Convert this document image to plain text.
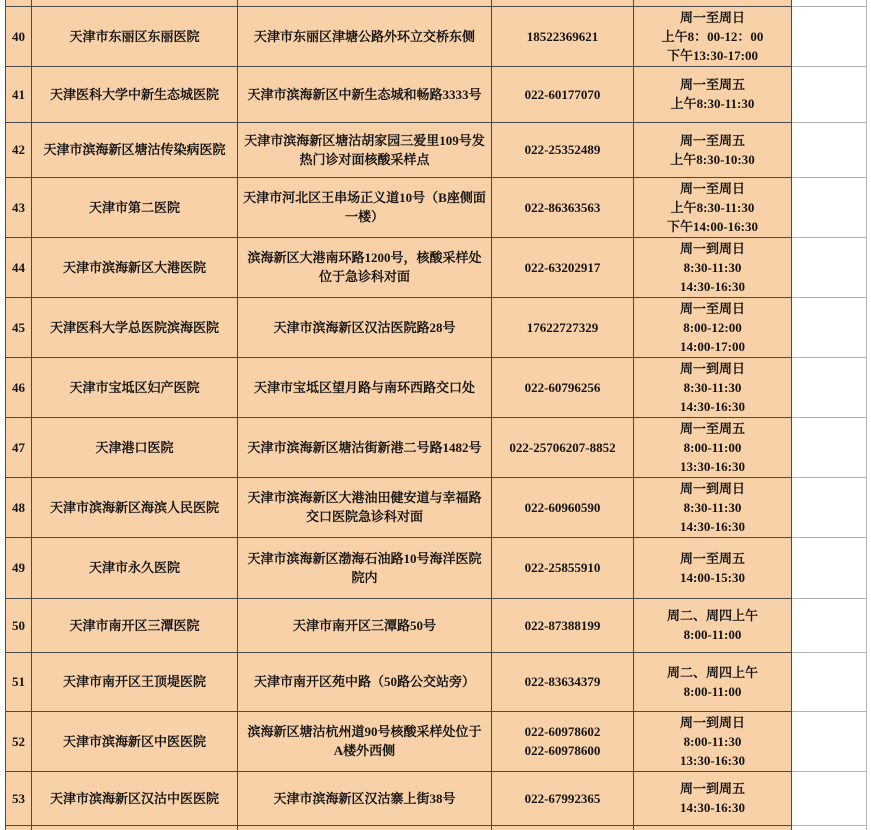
40	天津市东丽区东丽医院	天津市东丽区津塘公路外环立交桥东侧	18522369621	周一至周日
上午8：00-12：00
下午13:30-17:00	

41	天津医科大学中新生态城医院	天津市滨海新区中新生态城和畅路3333号	022-60177070	周一至周五
上午8:30-11:30	

42	天津市滨海新区塘沽传染病医院	天津市滨海新区塘沽胡家园三爱里109号发热门诊对面核酸采样点	022-25352489	周一至周五
上午8:30-10:30	

43	天津市第二医院	天津市河北区王串场正义道10号（B座侧面一楼）	022-86363563	周一至周日
上午8:30-11:30
下午14:00-16:30	

44	天津市滨海新区大港医院	滨海新区大港南环路1200号，核酸采样处位于急诊科对面	022-63202917	周一到周日
8:30-11:30
14:30-16:30	

45	天津医科大学总医院滨海医院	天津市滨海新区汉沽医院路28号	17622727329	周一至周日
8:00-12:00
14:00-17:00	

46	天津市宝坻区妇产医院	天津市宝坻区望月路与南环西路交口处	022-60796256	周一到周日
8:30-11:30
14:30-16:30	

47	天津港口医院	天津市滨海新区塘沽街新港二号路1482号	022-25706207-8852	周一至周五
8:00-11:00
13:30-16:30	

48	天津市滨海新区海滨人民医院	天津市滨海新区大港油田健安道与幸福路交口医院急诊科对面	022-60960590	周一到周日
8:30-11:30
14:30-16:30	

49	天津市永久医院	天津市滨海新区渤海石油路10号海洋医院院内	022-25855910	周一至周五
14:00-15:30	

50	天津市南开区三潭医院	天津市南开区三潭路50号	022-87388199	周二、周四上午
8:00-11:00	

51	天津市南开区王顶堤医院	天津市南开区苑中路（50路公交站旁）	022-83634379	周二、周四上午
8:00-11:00	

52	天津市滨海新区中医医院	滨海新区塘沽杭州道90号核酸采样处位于A楼外西侧	022-60978602
022-60978600	周一到周日
8:00-11:30
13:30-16:30	

53	天津市滨海新区汉沽中医医院	天津市滨海新区汉沽寨上街38号	022-67992365	周一到周五
14:30-16:30	
